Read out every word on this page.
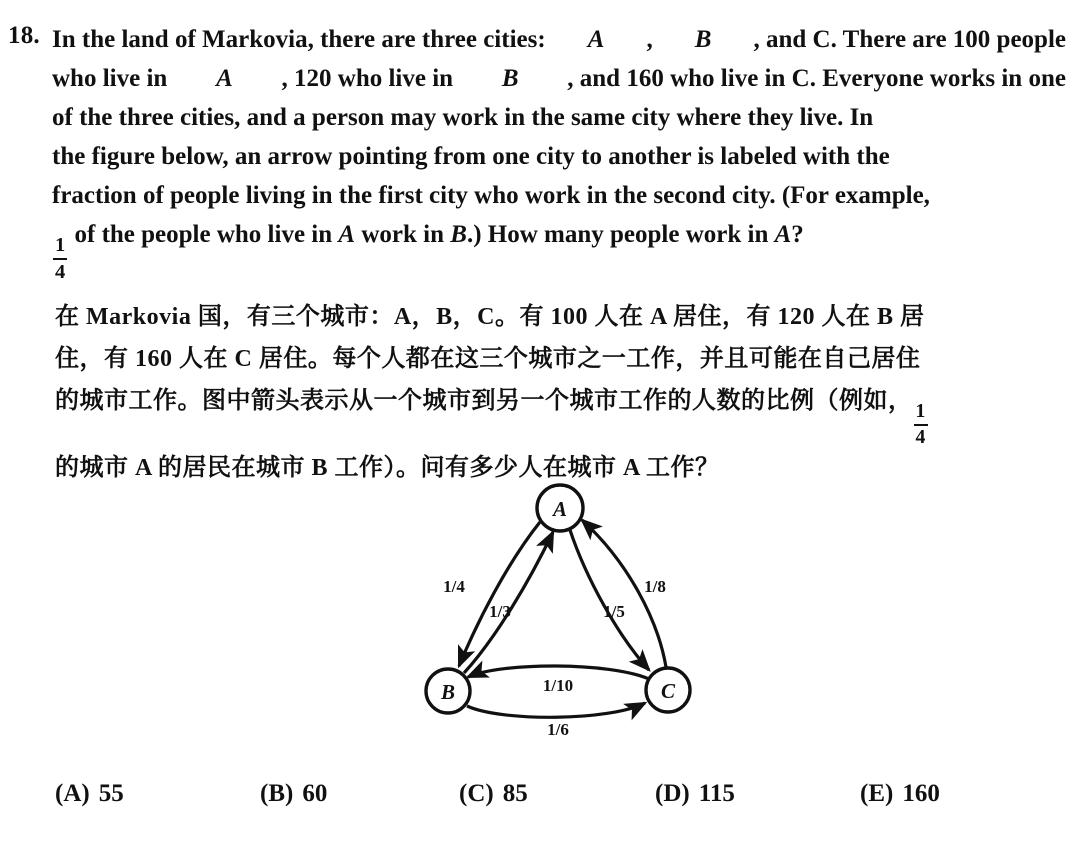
18. In the land of Markovia, there are three cities: A , B , and C. There are 100 people
who live in A , 120 who live in B , and 160 who live in C. Everyone works in one
of the three cities, and a person may work in the same city where they live. In
the figure below, an arrow pointing from one city to another is labeled with the
fraction of people living in the first city who work in the second city. (For example,
$\frac{1}{4}$
of the people who live in A work in B.) How many people work in A?
在 Markovia 国，有三个城市：A，B，C。有 100 人在 A 居住，有 120 人在 B 居
住，有 160 人在 C 居住。每个人都在这三个城市之一工作，并且可能在自己居住
的城市工作。图中箭头表示从一个城市到另一个城市工作的人数的比例（例如，
$\frac{1}{4}$
的城市 A 的居民在城市 B 工作）。问有多少人在城市 A 工作？
A
B	C
1/4
1/3	1/5
1/8
1/10
1/6
(A) 55	(B) 60	(C) 85	(D) 115	(E) 160
